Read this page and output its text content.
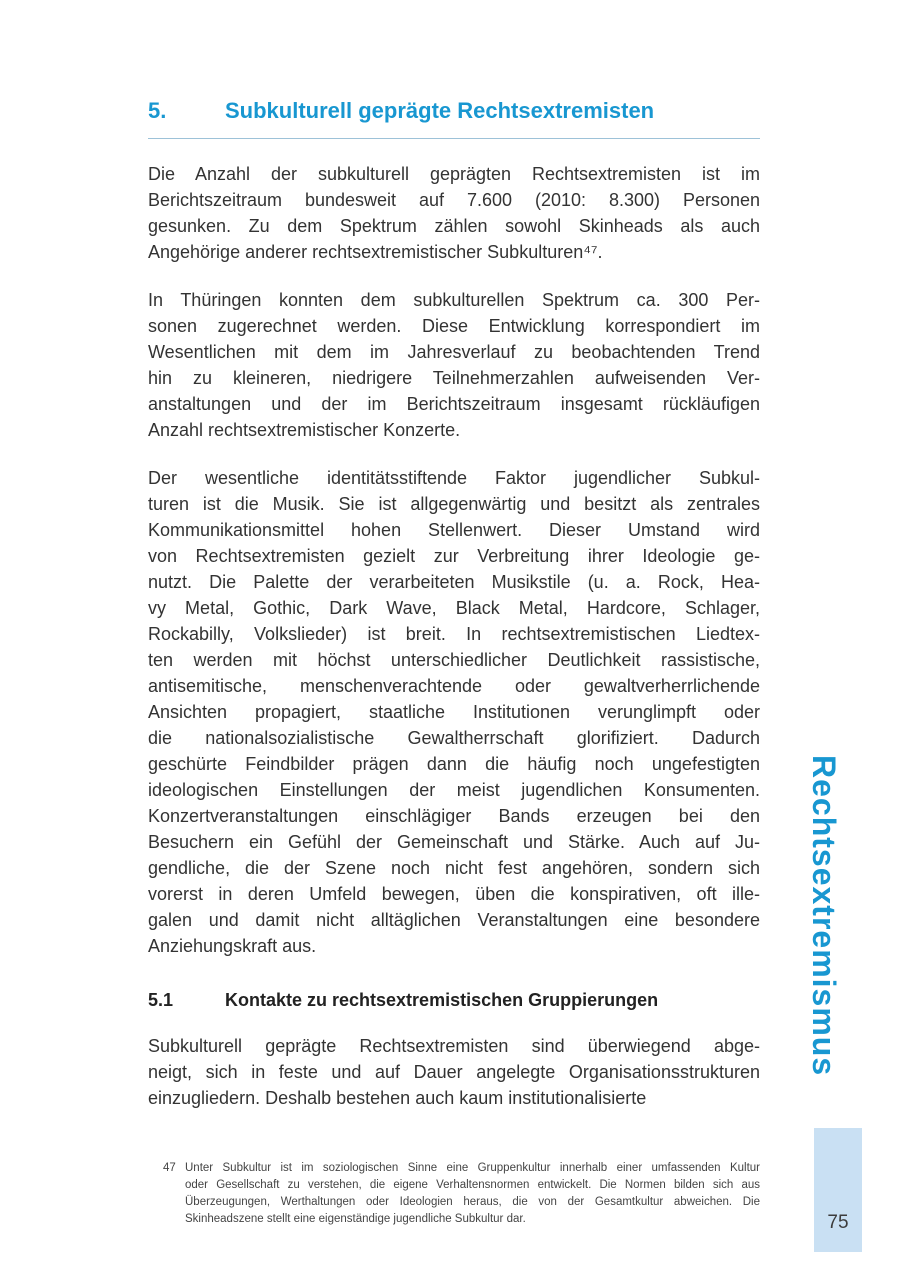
5.	Subkulturell geprägte Rechtsextremisten
Die Anzahl der subkulturell geprägten Rechtsextremisten ist im
Berichtszeitraum bundesweit auf 7.600 (2010: 8.300) Personen
gesunken. Zu dem Spektrum zählen sowohl Skinheads als auch
Angehörige anderer rechtsextremistischer Subkulturen⁴⁷.
In Thüringen konnten dem subkulturellen Spektrum ca. 300 Per-
sonen zugerechnet werden. Diese Entwicklung korrespondiert im
Wesentlichen mit dem im Jahresverlauf zu beobachtenden Trend
hin zu kleineren, niedrigere Teilnehmerzahlen aufweisenden Ver-
anstaltungen und der im Berichtszeitraum insgesamt rückläufigen
Anzahl rechtsextremistischer Konzerte.
Der wesentliche identitätsstiftende Faktor jugendlicher Subkul-
turen ist die Musik. Sie ist allgegenwärtig und besitzt als zentrales
Kommunikationsmittel hohen Stellenwert. Dieser Umstand wird
von Rechtsextremisten gezielt zur Verbreitung ihrer Ideologie ge-
nutzt. Die Palette der verarbeiteten Musikstile (u. a. Rock, Hea-
vy Metal, Gothic, Dark Wave, Black Metal, Hardcore, Schlager,
Rockabilly, Volkslieder) ist breit. In rechtsextremistischen Liedtex-
ten werden mit höchst unterschiedlicher Deutlichkeit rassistische,
antisemitische, menschenverachtende oder gewaltverherrlichende
Ansichten propagiert, staatliche Institutionen verunglimpft oder
die nationalsozialistische Gewaltherrschaft glorifiziert. Dadurch
geschürte Feindbilder prägen dann die häufig noch ungefestigten
ideologischen Einstellungen der meist jugendlichen Konsumenten.
Konzertveranstaltungen einschlägiger Bands erzeugen bei den
Besuchern ein Gefühl der Gemeinschaft und Stärke. Auch auf Ju-
gendliche, die der Szene noch nicht fest angehören, sondern sich
vorerst in deren Umfeld bewegen, üben die konspirativen, oft ille-
galen und damit nicht alltäglichen Veranstaltungen eine besondere
Anziehungskraft aus.
5.1	Kontakte zu rechtsextremistischen Gruppierungen
Subkulturell geprägte Rechtsextremisten sind überwiegend abge-
neigt, sich in feste und auf Dauer angelegte Organisationsstrukturen
einzugliedern. Deshalb bestehen auch kaum institutionalisierte
47 Unter Subkultur ist im soziologischen Sinne eine Gruppenkultur innerhalb einer umfassenden Kultur
oder Gesellschaft zu verstehen, die eigene Verhaltensnormen entwickelt. Die Normen bilden sich aus
Überzeugungen, Werthaltungen oder Ideologien heraus, die von der Gesamtkultur abweichen. Die
Skinheadszene stellt eine eigenständige jugendliche Subkultur dar.
Rechtsextremismus
75
